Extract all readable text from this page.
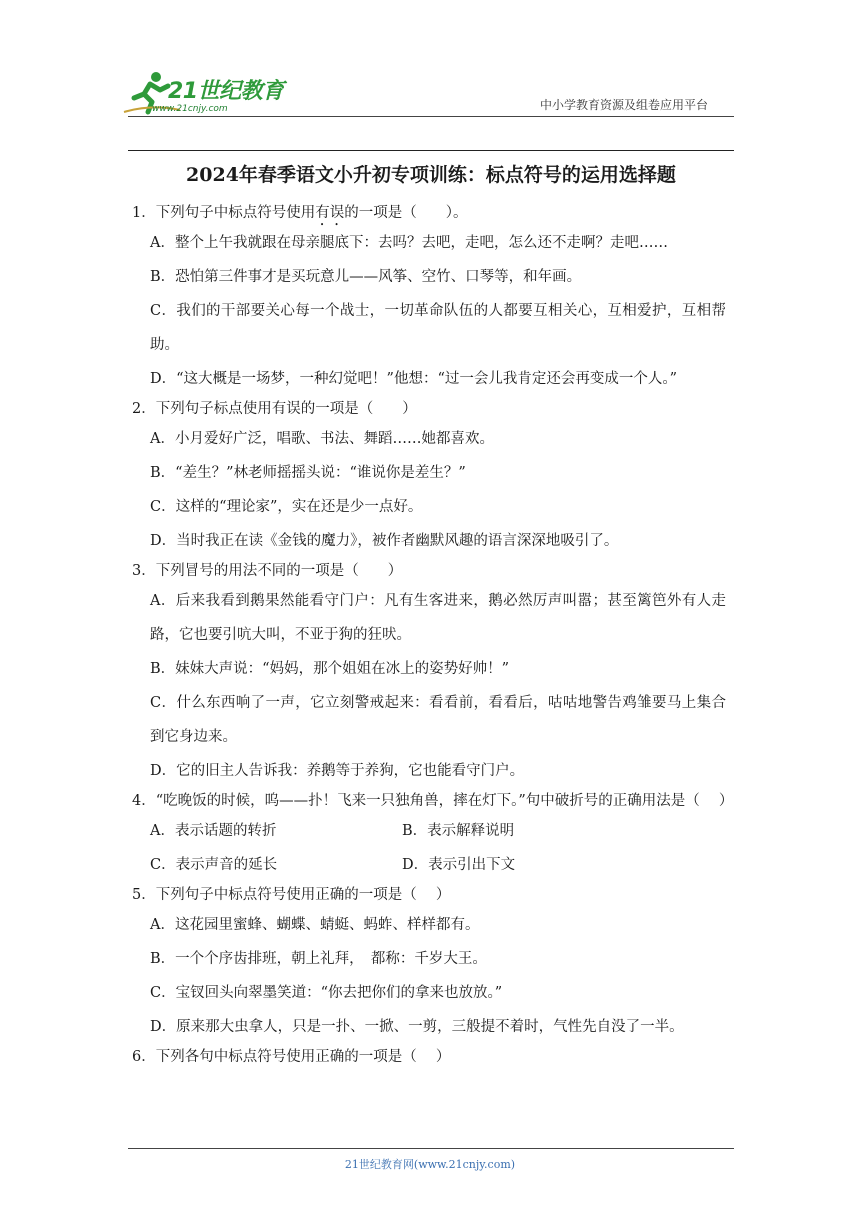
21世纪教育
www.21cnjy.com	中小学教育资源及组卷应用平台
2024年春季语文小升初专项训练：标点符号的运用选择题
1．下列句子中标点符号使用有误的一项是（　　）。
A．整个上午我就跟在母亲腿底下：去吗？去吧，走吧，怎么还不走啊？走吧……
B．恐怕第三件事才是买玩意儿——风筝、空竹、口琴等，和年画。
C．我们的干部要关心每一个战士，一切革命队伍的人都要互相关心，互相爱护，互相帮助。
D．“这大概是一场梦，一种幻觉吧！”他想：“过一会儿我肯定还会再变成一个人。”
2．下列句子标点使用有误的一项是（　　）
A．小月爱好广泛，唱歌、书法、舞蹈……她都喜欢。
B．“差生？”林老师摇摇头说：“谁说你是差生？”
C．这样的“理论家”，实在还是少一点好。
D．当时我正在读《金钱的魔力》，被作者幽默风趣的语言深深地吸引了。
3．下列冒号的用法不同的一项是（　　）
A．后来我看到鹅果然能看守门户：凡有生客进来，鹅必然厉声叫嚣；甚至篱笆外有人走路，它也要引吭大叫，不亚于狗的狂吠。
B．妹妹大声说：“妈妈，那个姐姐在冰上的姿势好帅！”
C．什么东西响了一声，它立刻警戒起来：看看前，看看后，咕咕地警告鸡雏要马上集合到它身边来。
D．它的旧主人告诉我：养鹅等于养狗，它也能看守门户。
4．“吃晚饭的时候，呜——扑！飞来一只独角兽，摔在灯下。”句中破折号的正确用法是（　 ）
A．表示话题的转折	B．表示解释说明
C．表示声音的延长	D．表示引出下文
5．下列句子中标点符号使用正确的一项是（　 ）
A．这花园里蜜蜂、蝴蝶、蜻蜓、蚂蚱、样样都有。
B．一个个序齿排班，朝上礼拜，　都称：千岁大王。
C．宝钗回头向翠墨笑道：“你去把你们的拿来也放放。”
D．原来那大虫拿人，只是一扑、一掀、一剪，三般提不着时，气性先自没了一半。
6．下列各句中标点符号使用正确的一项是（　 ）
21世纪教育网(www.21cnjy.com)
